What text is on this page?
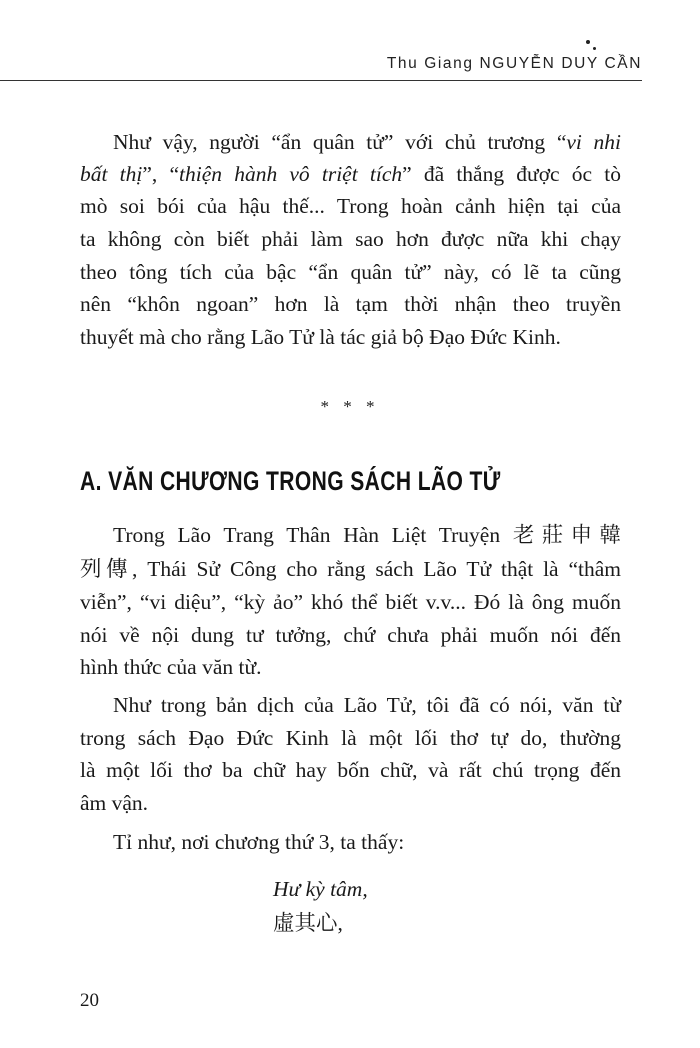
Thu Giang NGUYỄN DUY CẦN
Như vậy, người “ẩn quân tử” với chủ trương “vi nhi
bất thị”, “thiện hành vô triệt tích” đã thắng được óc tò
mò soi bói của hậu thế... Trong hoàn cảnh hiện tại của
ta không còn biết phải làm sao hơn được nữa khi chạy
theo tông tích của bậc “ẩn quân tử” này, có lẽ ta cũng
nên “khôn ngoan” hơn là tạm thời nhận theo truyền
thuyết mà cho rằng Lão Tử là tác giả bộ Đạo Đức Kinh.
* * *
A. VĂN CHƯƠNG TRONG SÁCH LÃO TỬ
Trong Lão Trang Thân Hàn Liệt Truyện 老莊申韓
列傳, Thái Sử Công cho rằng sách Lão Tử thật là “thâm
viễn”, “vi diệu”, “kỳ ảo” khó thể biết v.v... Đó là ông muốn
nói về nội dung tư tưởng, chứ chưa phải muốn nói đến
hình thức của văn từ.
Như trong bản dịch của Lão Tử, tôi đã có nói, văn từ
trong sách Đạo Đức Kinh là một lối thơ tự do, thường
là một lối thơ ba chữ hay bốn chữ, và rất chú trọng đến
âm vận.
Tỉ như, nơi chương thứ 3, ta thấy:
Hư kỳ tâm,
虛其心,
20
